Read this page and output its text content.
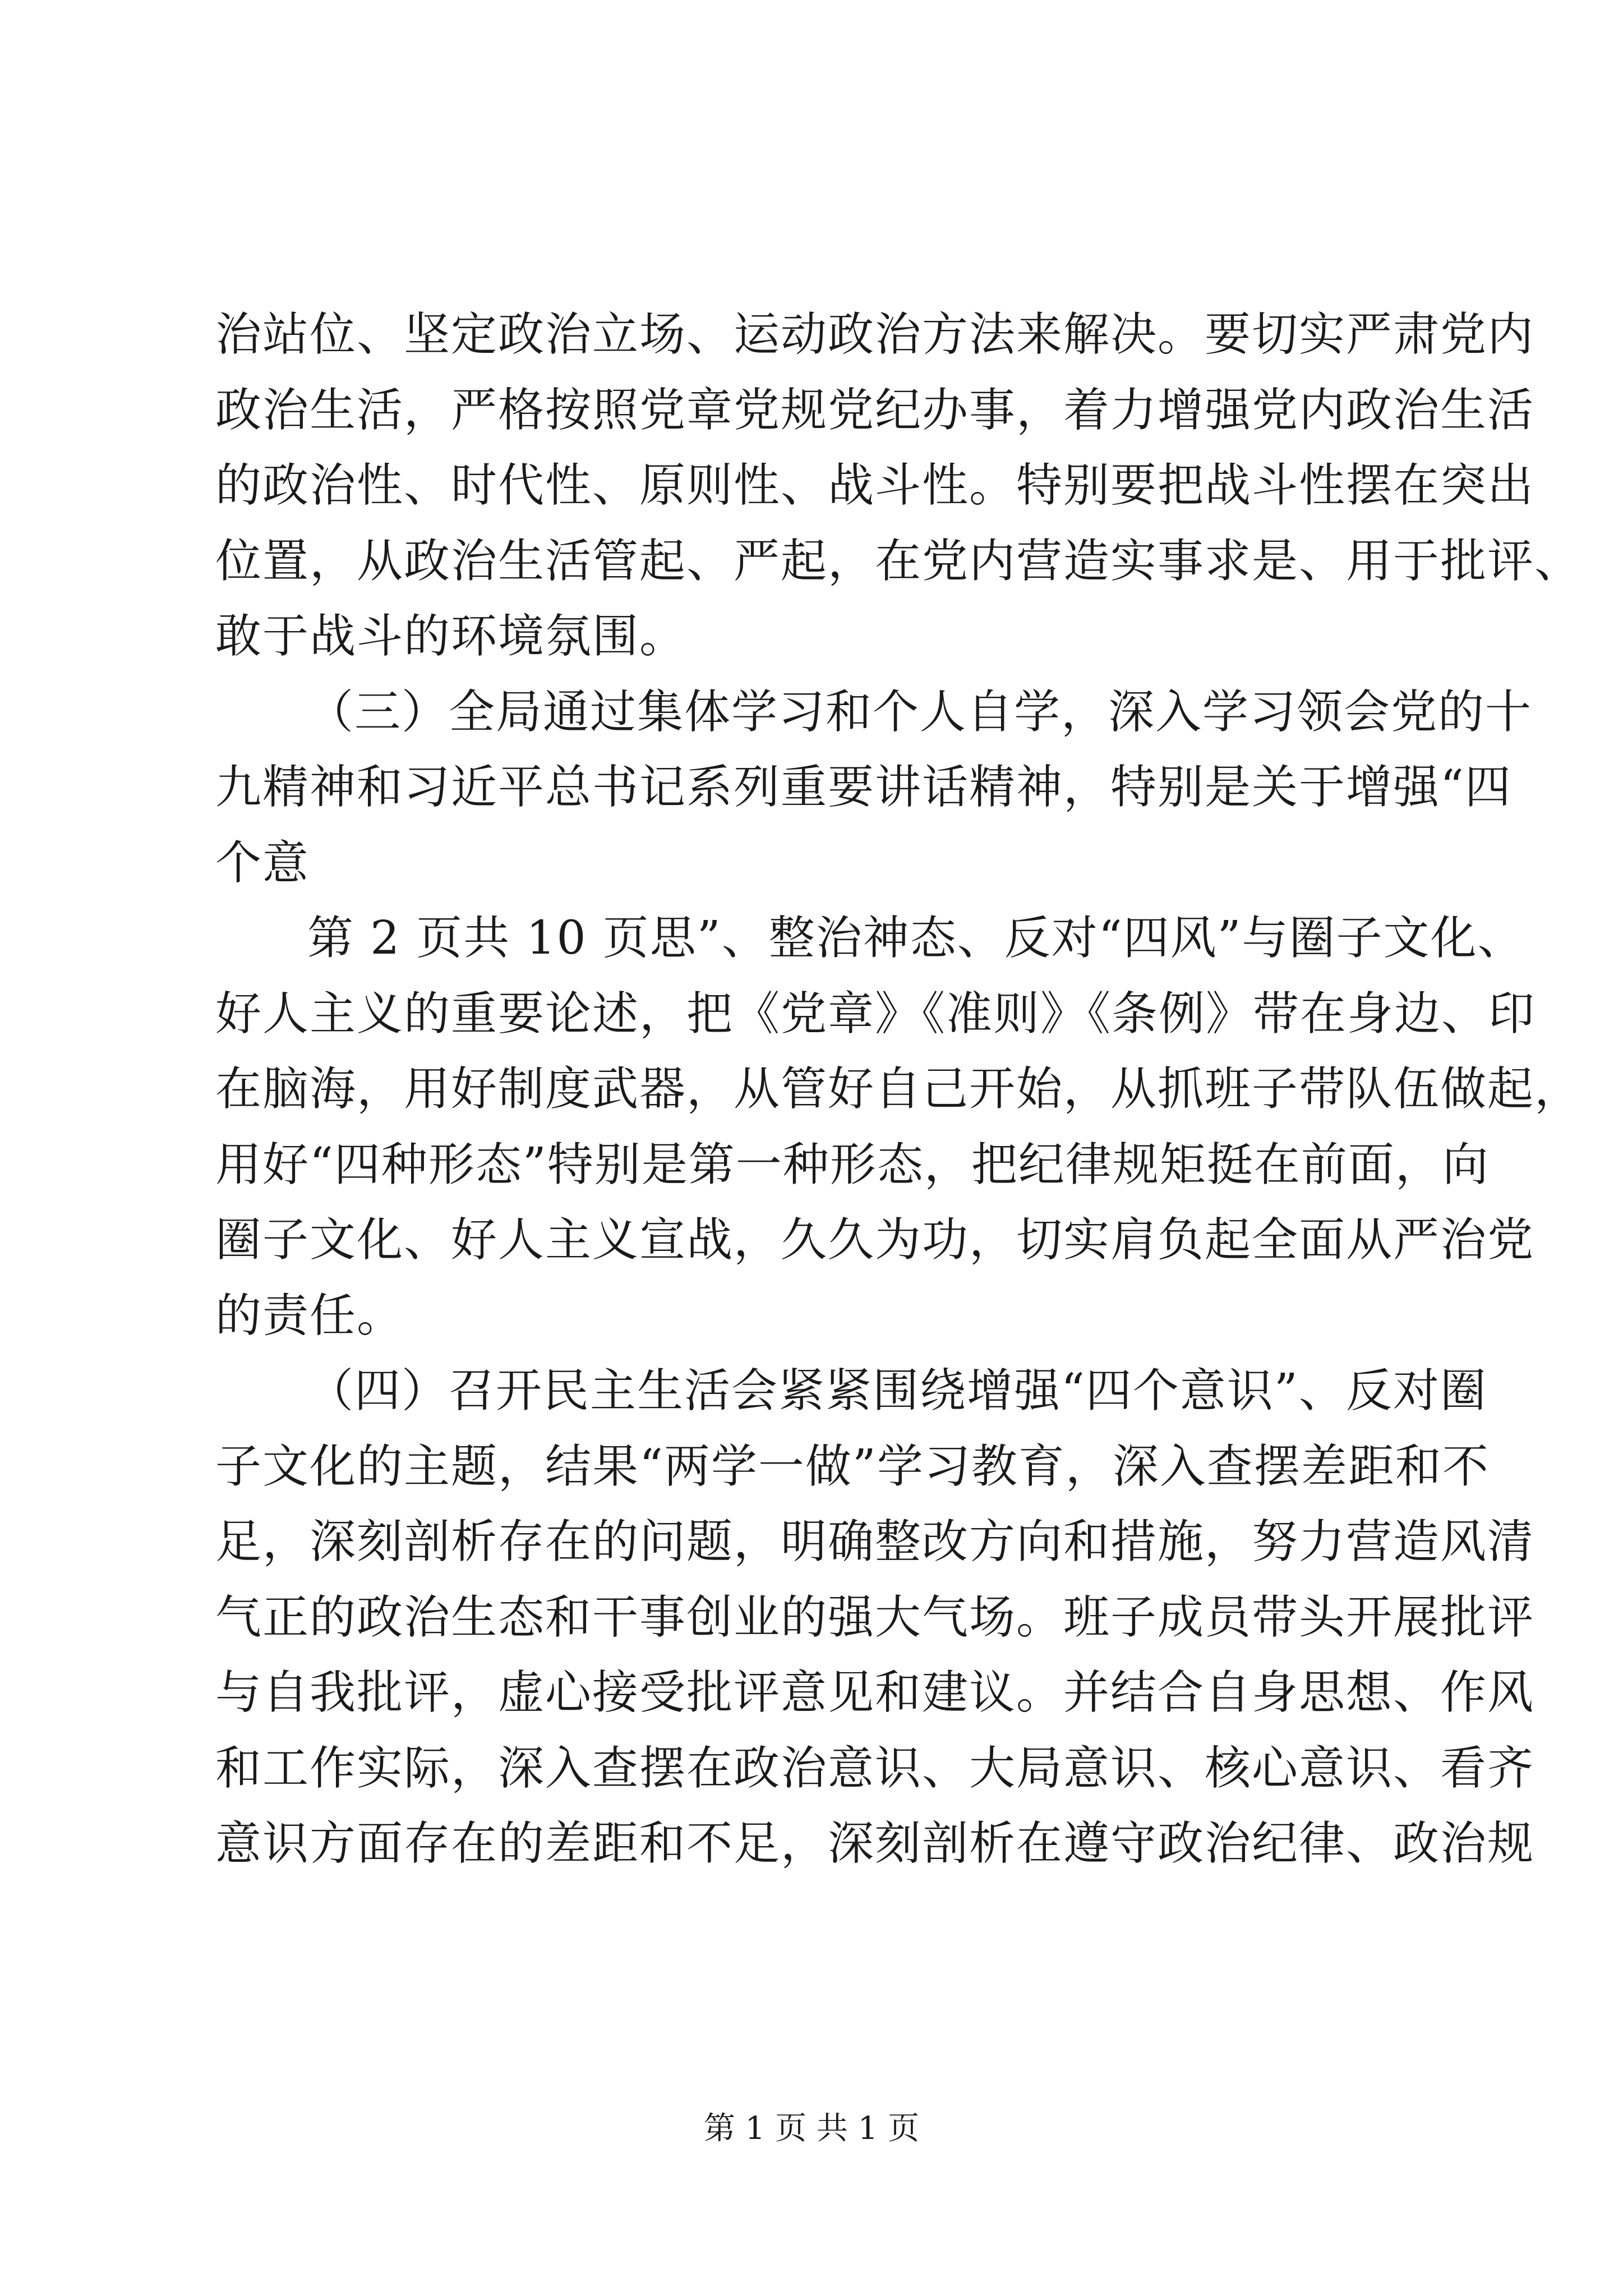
治站位、坚定政治立场、运动政治方法来解决。要切实严肃党内
政治生活，严格按照党章党规党纪办事，着力增强党内政治生活
的政治性、时代性、原则性、战斗性。特别要把战斗性摆在突出
位置，从政治生活管起、严起，在党内营造实事求是、用于批评、
敢于战斗的环境氛围。
（三）全局通过集体学习和个人自学，深入学习领会党的十
九精神和习近平总书记系列重要讲话精神，特别是关于增强“四
个意
第 2 页共 10 页思”、整治神态、反对“四风”与圈子文化、
好人主义的重要论述，把《党章》《准则》《条例》带在身边、印
在脑海，用好制度武器，从管好自己开始，从抓班子带队伍做起，
用好“四种形态”特别是第一种形态，把纪律规矩挺在前面，向
圈子文化、好人主义宣战，久久为功，切实肩负起全面从严治党
的责任。
（四）召开民主生活会紧紧围绕增强“四个意识”、反对圈
子文化的主题，结果“两学一做”学习教育，深入查摆差距和不
足，深刻剖析存在的问题，明确整改方向和措施，努力营造风清
气正的政治生态和干事创业的强大气场。班子成员带头开展批评
与自我批评，虚心接受批评意见和建议。并结合自身思想、作风
和工作实际，深入查摆在政治意识、大局意识、核心意识、看齐
意识方面存在的差距和不足，深刻剖析在遵守政治纪律、政治规
第 1 页 共 1 页
